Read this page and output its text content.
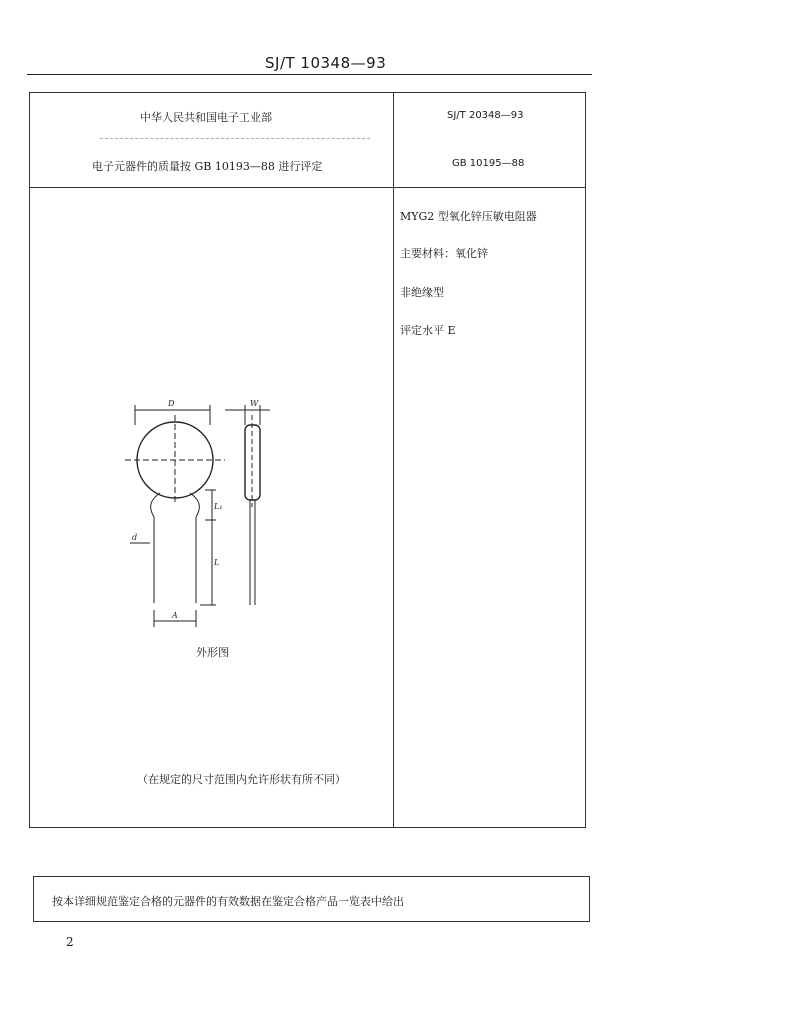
SJ/T 10348—93
中华人民共和国电子工业部	SJ/T 20348—93
电子元器件的质量按 GB 10193—88 进行评定	GB 10195—88
MYG2 型氧化锌压敏电阻器
主要材料：氧化锌
非绝缘型
评定水平 E
D	W
L₁
L
d
A
外形图
（在规定的尺寸范围内允许形状有所不同）
按本详细规范鉴定合格的元器件的有效数据在鉴定合格产品一览表中给出
2
